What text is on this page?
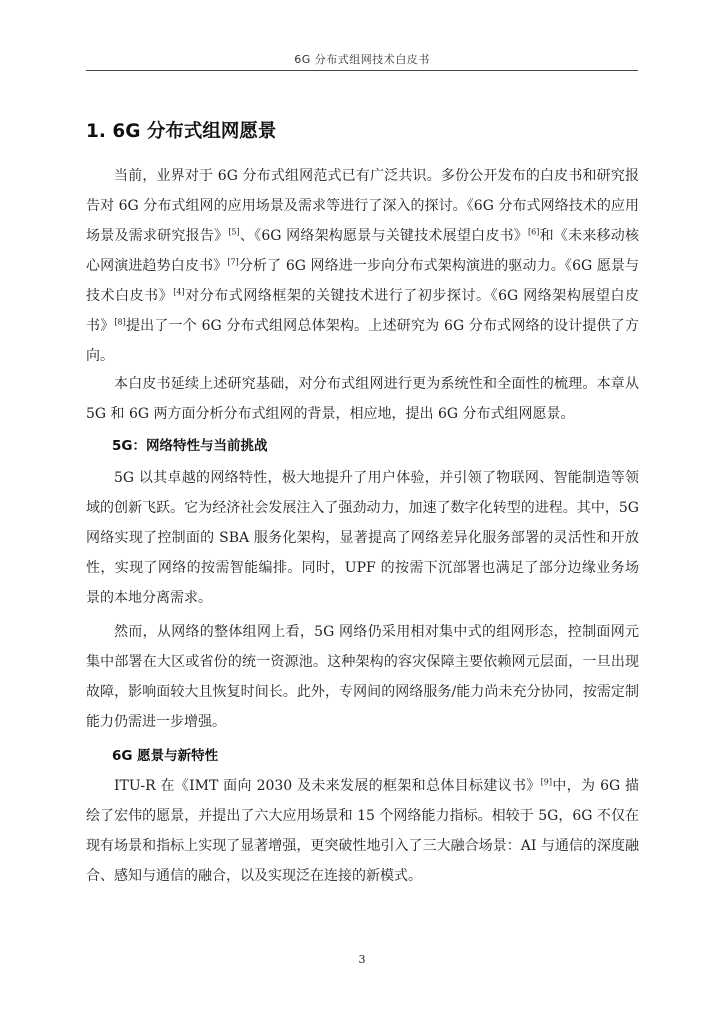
6G 分布式组网技术白皮书
1. 6G 分布式组网愿景

当前，业界对于 6G 分布式组网范式已有广泛共识。多份公开发布的白皮书和研究报告对 6G 分布式组网的应用场景及需求等进行了深入的探讨。《6G 分布式网络技术的应用场景及需求研究报告》[5]、《6G 网络架构愿景与关键技术展望白皮书》[6]和《未来移动核心网演进趋势白皮书》[7]分析了 6G 网络进一步向分布式架构演进的驱动力。《6G 愿景与技术白皮书》[4]对分布式网络框架的关键技术进行了初步探讨。《6G 网络架构展望白皮书》[8]提出了一个 6G 分布式组网总体架构。上述研究为 6G 分布式网络的设计提供了方向。

本白皮书延续上述研究基础，对分布式组网进行更为系统性和全面性的梳理。本章从 5G 和 6G 两方面分析分布式组网的背景，相应地，提出 6G 分布式组网愿景。

5G：网络特性与当前挑战

5G 以其卓越的网络特性，极大地提升了用户体验，并引领了物联网、智能制造等领域的创新飞跃。它为经济社会发展注入了强劲动力，加速了数字化转型的进程。其中，5G 网络实现了控制面的 SBA 服务化架构，显著提高了网络差异化服务部署的灵活性和开放性，实现了网络的按需智能编排。同时，UPF 的按需下沉部署也满足了部分边缘业务场景的本地分离需求。

然而，从网络的整体组网上看，5G 网络仍采用相对集中式的组网形态，控制面网元集中部署在大区或省份的统一资源池。这种架构的容灾保障主要依赖网元层面，一旦出现故障，影响面较大且恢复时间长。此外，专网间的网络服务/能力尚未充分协同，按需定制能力仍需进一步增强。

6G 愿景与新特性

ITU-R 在《IMT 面向 2030 及未来发展的框架和总体目标建议书》[9]中，为 6G 描绘了宏伟的愿景，并提出了六大应用场景和 15 个网络能力指标。相较于 5G，6G 不仅在现有场景和指标上实现了显著增强，更突破性地引入了三大融合场景：AI 与通信的深度融合、感知与通信的融合，以及实现泛在连接的新模式。

3
